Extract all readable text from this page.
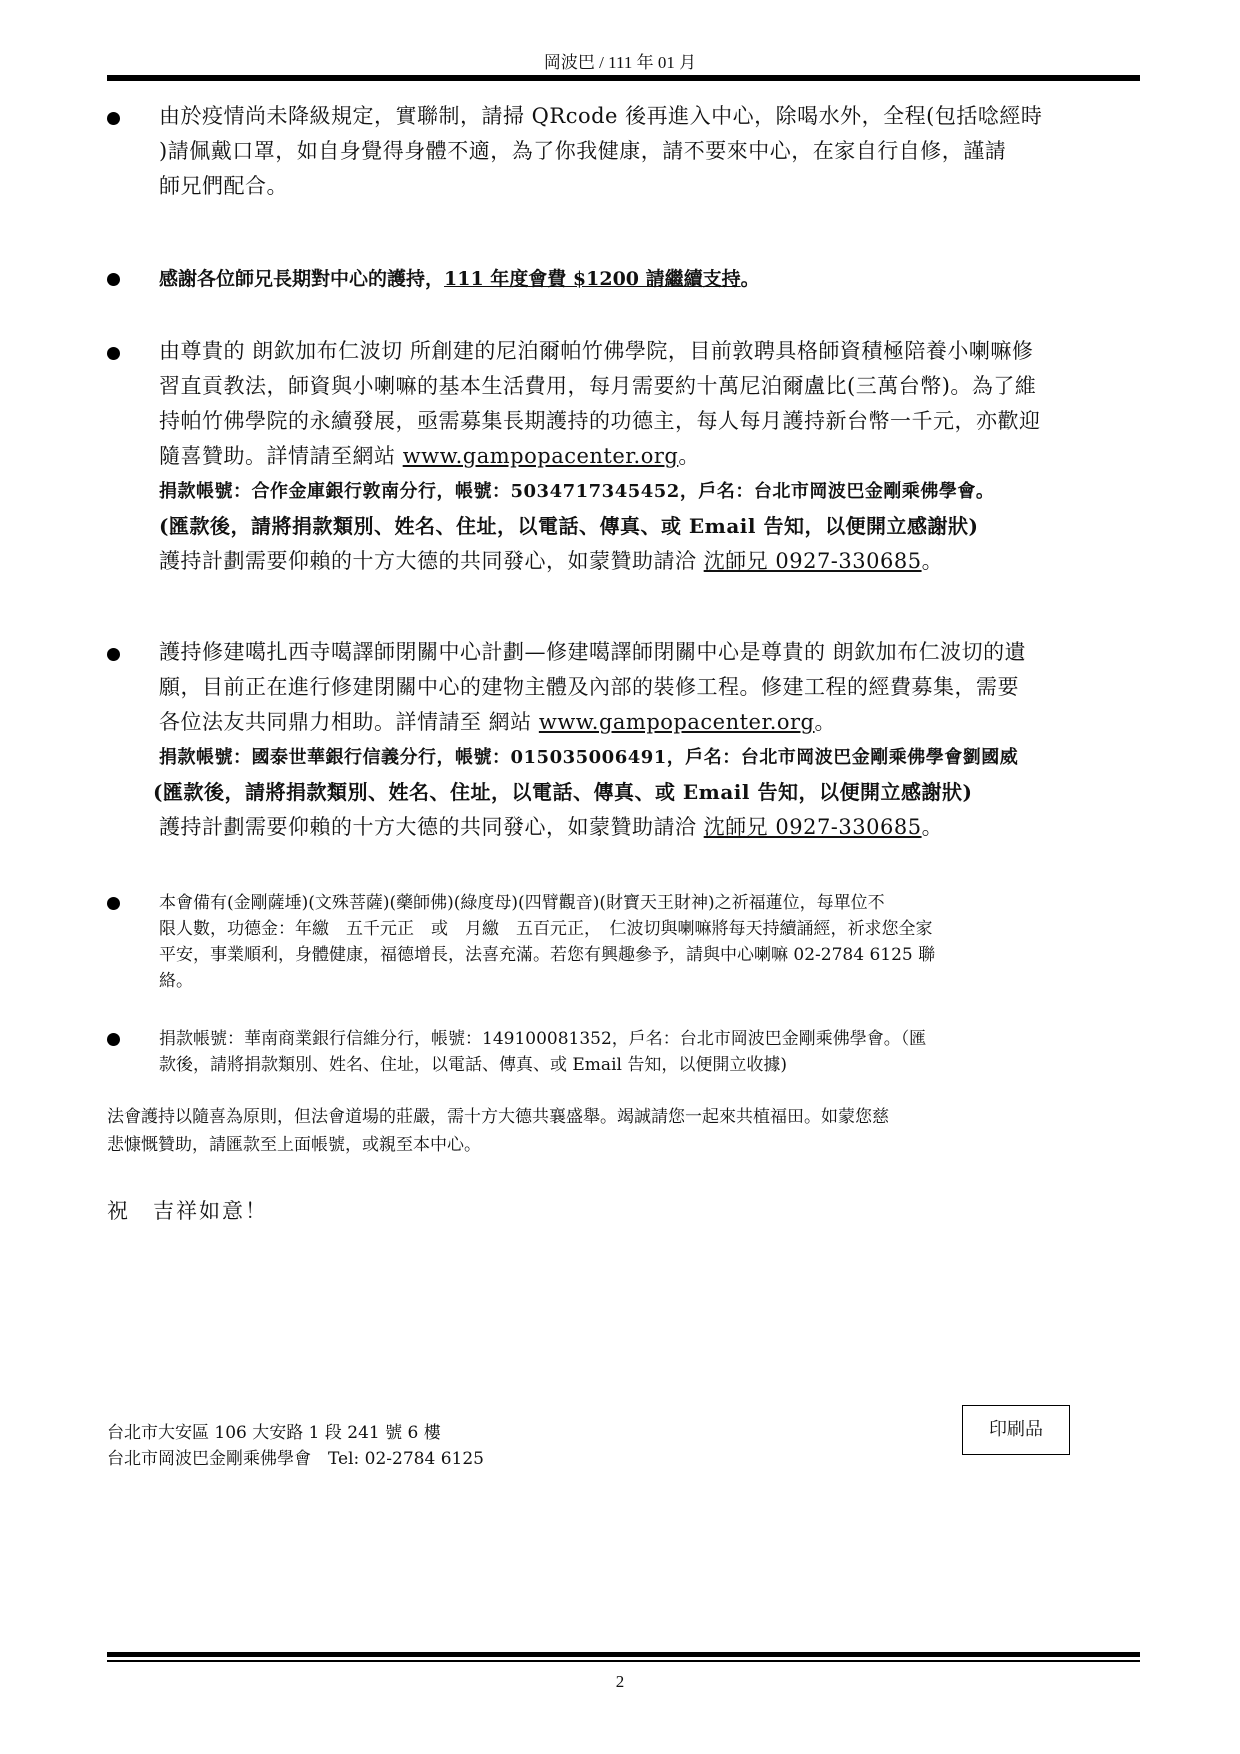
岡波巴 / 111 年 01 月
由於疫情尚未降級規定，實聯制，請掃 QRcode 後再進入中心，除喝水外，全程(包括唸經時
)請佩戴口罩，如自身覺得身體不適，為了你我健康，請不要來中心，在家自行自修，謹請
師兄們配合。
感謝各位師兄長期對中心的護持，111 年度會費 $1200 請繼續支持。
由尊貴的 朗欽加布仁波切 所創建的尼泊爾帕竹佛學院，目前敦聘具格師資積極陪養小喇嘛修
習直貢教法，師資與小喇嘛的基本生活費用，每月需要約十萬尼泊爾盧比(三萬台幣)。為了維
持帕竹佛學院的永續發展，亟需募集長期護持的功德主，每人每月護持新台幣一千元，亦歡迎
隨喜贊助。詳情請至網站 www.gampopacenter.org。
捐款帳號：合作金庫銀行敦南分行，帳號：5034717345452，戶名：台北市岡波巴金剛乘佛學會。
(匯款後，請將捐款類別、姓名、住址，以電話、傳真、或 Email 告知，以便開立感謝狀)
護持計劃需要仰賴的十方大德的共同發心，如蒙贊助請洽 沈師兄 0927-330685。
護持修建噶扎西寺噶譯師閉關中心計劃—修建噶譯師閉關中心是尊貴的 朗欽加布仁波切的遺
願，目前正在進行修建閉關中心的建物主體及內部的裝修工程。修建工程的經費募集，需要
各位法友共同鼎力相助。詳情請至 網站 www.gampopacenter.org。
捐款帳號：國泰世華銀行信義分行，帳號：015035006491，戶名：台北市岡波巴金剛乘佛學會劉國威
(匯款後，請將捐款類別、姓名、住址，以電話、傳真、或 Email 告知，以便開立感謝狀)
護持計劃需要仰賴的十方大德的共同發心，如蒙贊助請洽 沈師兄 0927-330685。
本會備有(金剛薩埵)(文殊菩薩)(藥師佛)(綠度母)(四臂觀音)(財寶天王財神)之祈福蓮位，每單位不
限人數，功德金：年繳　五千元正　或　月繳　五百元正，　仁波切與喇嘛將每天持續誦經，祈求您全家
平安，事業順利，身體健康，福德增長，法喜充滿。若您有興趣參予，請與中心喇嘛 02-2784 6125 聯
絡。
捐款帳號：華南商業銀行信維分行，帳號：149100081352，戶名：台北市岡波巴金剛乘佛學會。（匯
款後，請將捐款類別、姓名、住址，以電話、傳真、或 Email 告知，以便開立收據)
法會護持以隨喜為原則，但法會道場的莊嚴，需十方大德共襄盛舉。竭誠請您一起來共植福田。如蒙您慈
悲慷慨贊助，請匯款至上面帳號，或親至本中心。
祝　吉祥如意！
台北市大安區 106 大安路 1 段 241 號 6 樓
台北市岡波巴金剛乘佛學會　Tel: 02-2784 6125
印刷品
2
